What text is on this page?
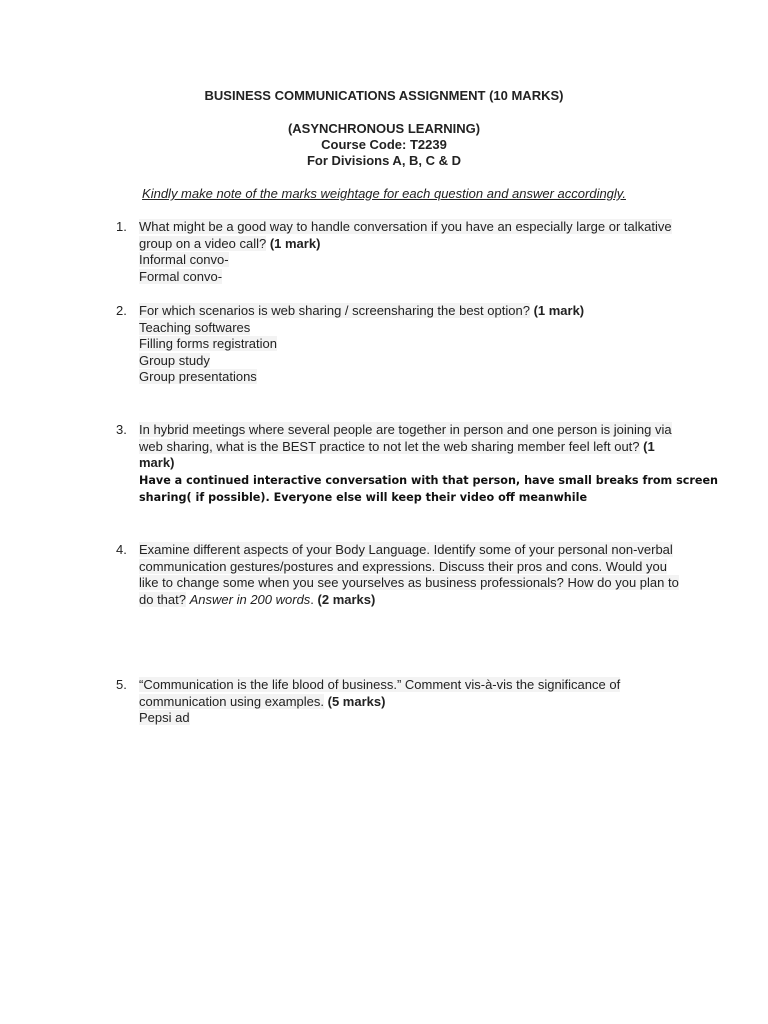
BUSINESS COMMUNICATIONS ASSIGNMENT (10 MARKS)
(ASYNCHRONOUS LEARNING)
Course Code: T2239
For Divisions A, B, C & D
Kindly make note of the marks weightage for each question and answer accordingly.
1. What might be a good way to handle conversation if you have an especially large or talkative group on a video call? (1 mark)
Informal convo-
Formal convo-
2. For which scenarios is web sharing / screensharing the best option? (1 mark)
Teaching softwares
Filling forms registration
Group study
Group presentations
3. In hybrid meetings where several people are together in person and one person is joining via web sharing, what is the BEST practice to not let the web sharing member feel left out? (1 mark)
Have a continued interactive conversation with that person, have small breaks from screen
sharing( if possible). Everyone else will keep their video off meanwhile
4. Examine different aspects of your Body Language. Identify some of your personal non-verbal communication gestures/postures and expressions. Discuss their pros and cons. Would you like to change some when you see yourselves as business professionals? How do you plan to do that? Answer in 200 words. (2 marks)
5. “Communication is the life blood of business.” Comment vis-à-vis the significance of communication using examples. (5 marks)
Pepsi ad
